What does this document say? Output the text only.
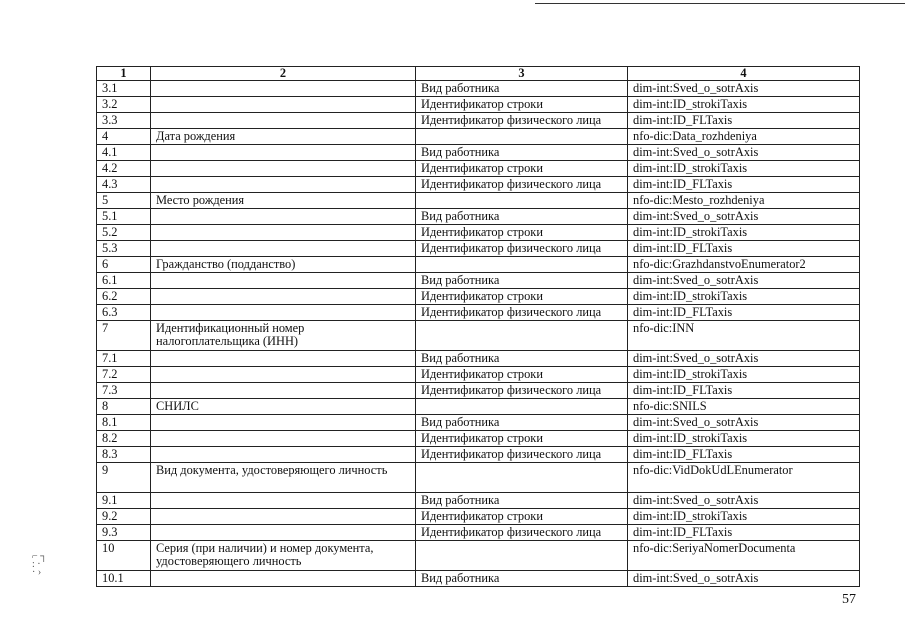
1	2	3	4
3.1		Вид работника	dim-int:Sved_o_sotrAxis
3.2		Идентификатор строки	dim-int:ID_strokiTaxis
3.3		Идентификатор физического лица	dim-int:ID_FLTaxis
4	Дата рождения		nfo-dic:Data_rozhdeniya
4.1		Вид работника	dim-int:Sved_o_sotrAxis
4.2		Идентификатор строки	dim-int:ID_strokiTaxis
4.3		Идентификатор физического лица	dim-int:ID_FLTaxis
5	Место рождения		nfo-dic:Mesto_rozhdeniya
5.1		Вид работника	dim-int:Sved_o_sotrAxis
5.2		Идентификатор строки	dim-int:ID_strokiTaxis
5.3		Идентификатор физического лица	dim-int:ID_FLTaxis
6	Гражданство (подданство)		nfo-dic:GrazhdanstvoEnumerator2
6.1		Вид работника	dim-int:Sved_o_sotrAxis
6.2		Идентификатор строки	dim-int:ID_strokiTaxis
6.3		Идентификатор физического лица	dim-int:ID_FLTaxis
7	Идентификационный номер налогоплательщика (ИНН)		nfo-dic:INN
7.1		Вид работника	dim-int:Sved_o_sotrAxis
7.2		Идентификатор строки	dim-int:ID_strokiTaxis
7.3		Идентификатор физического лица	dim-int:ID_FLTaxis
8	СНИЛС		nfo-dic:SNILS
8.1		Вид работника	dim-int:Sved_o_sotrAxis
8.2		Идентификатор строки	dim-int:ID_strokiTaxis
8.3		Идентификатор физического лица	dim-int:ID_FLTaxis
9	Вид документа, удостоверяющего личность		nfo-dic:VidDokUdLEnumerator
9.1		Вид работника	dim-int:Sved_o_sotrAxis
9.2		Идентификатор строки	dim-int:ID_strokiTaxis
9.3		Идентификатор физического лица	dim-int:ID_FLTaxis
10	Серия (при наличии) и номер документа, удостоверяющего личность		nfo-dic:SeriyaNomerDocumenta
10.1		Вид работника	dim-int:Sved_o_sotrAxis
⌐ ┐
: ·
· ›
57
